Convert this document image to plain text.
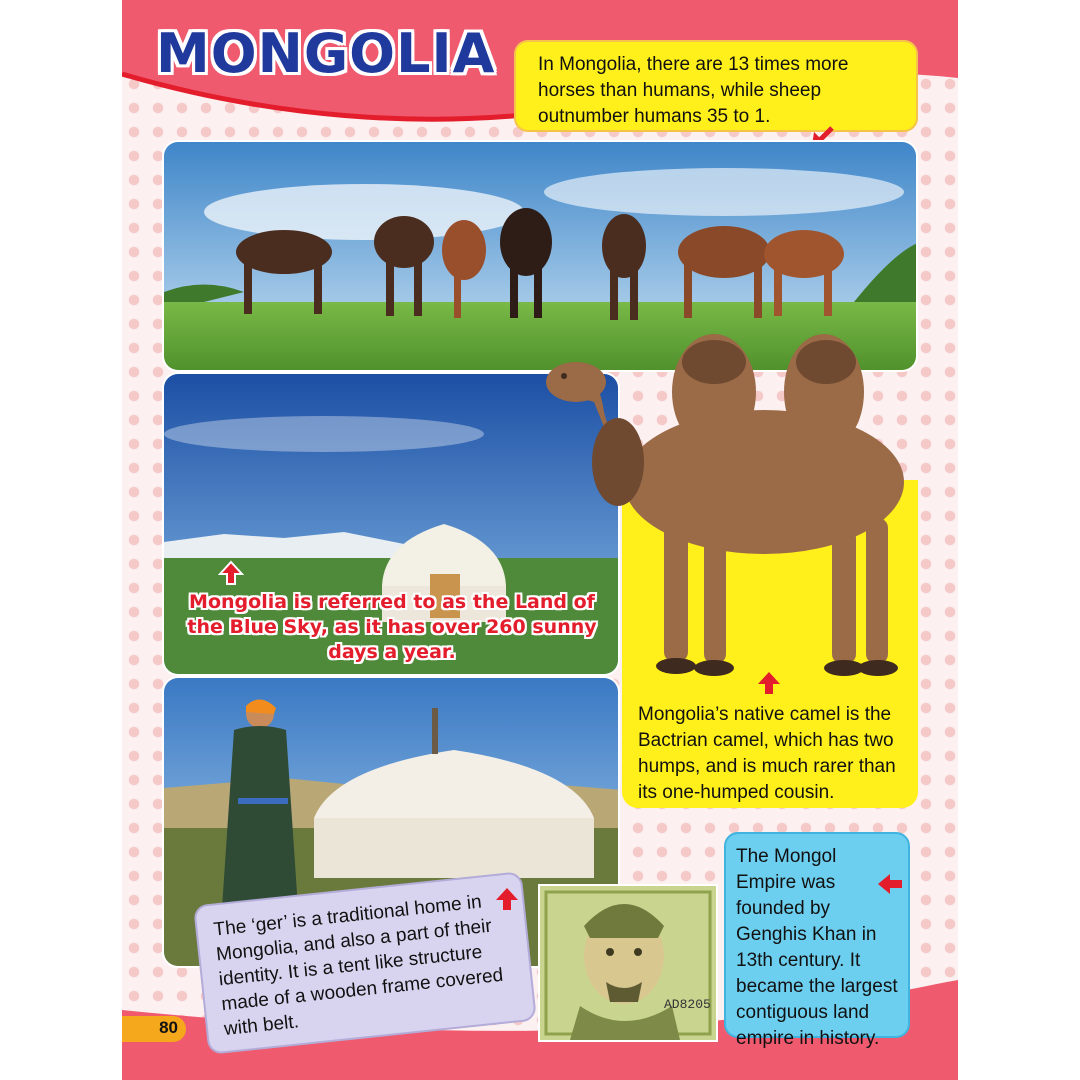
MONGOLIA	In Mongolia, there are 13 times more horses than humans, while sheep outnumber humans 35 to 1.
Mongolia is referred to as the Land of the Blue Sky, as it has over 260 sunny days a year.
The ‘ger’ is a traditional home in Mongolia, and also a part of their identity. It is a tent like structure made of a wooden frame covered with belt.
Mongolia’s native camel is the Bactrian camel, which has two humps, and is much rarer than its one-humped cousin.
AD8205
The Mongol Empire was founded by Genghis Khan in 13th century. It became the largest contiguous land empire in history.
80
